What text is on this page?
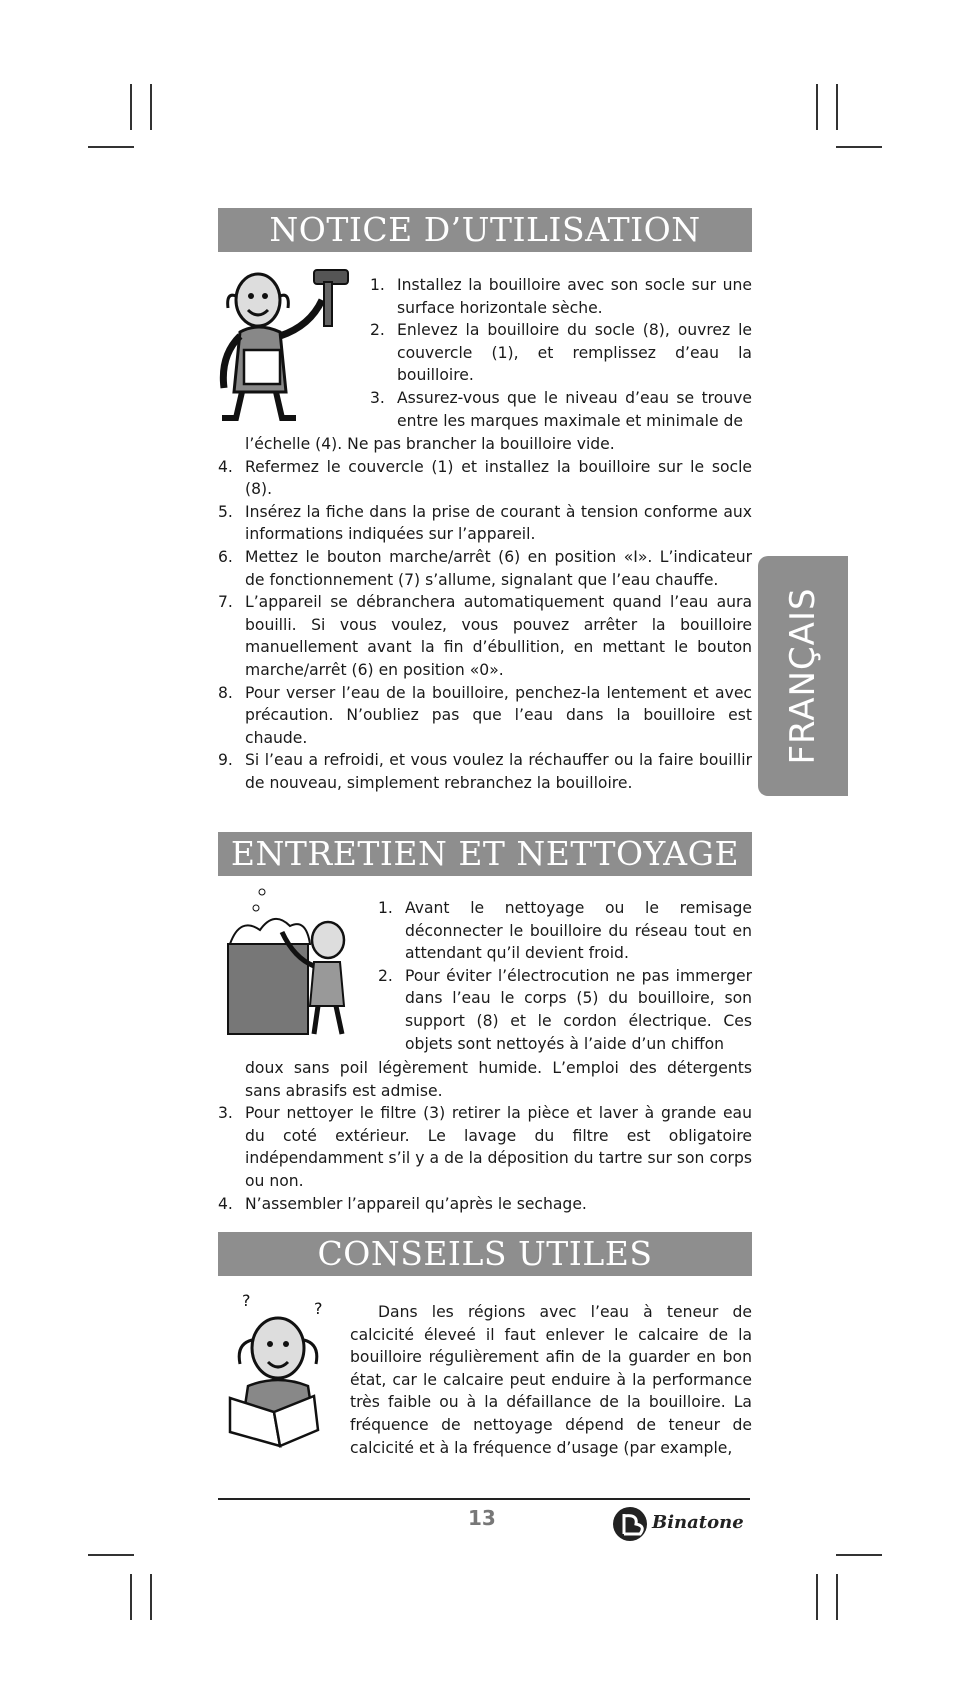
NOTICE D’UTILISATION
1. Installez la bouilloire avec son socle sur une surface horizontale sèche.
2. Enlevez la bouilloire du socle (8), ouvrez le couvercle (1), et remplissez d’eau la bouilloire.
3. Assurez-vous que le niveau d’eau se trouve entre les marques maximale et minimale de

l’échelle (4). Ne pas brancher la bouilloire vide.

4. Refermez le couvercle (1) et installez la bouilloire sur le socle (8).
5. Insérez la fiche dans la prise de courant à tension conforme aux informations indiquées sur l’appareil.
6. Mettez le bouton marche/arrêt (6) en position «I». L’indicateur de fonctionnement (7) s’allume, signalant que l’eau chauffe.
7. L’appareil se débranchera automatiquement quand l’eau aura bouilli. Si vous voulez, vous pouvez arrêter la bouilloire manuellement avant la fin d’ébullition, en mettant le bouton marche/arrêt (6) en position «0».
8. Pour verser l’eau de la bouilloire, penchez-la lentement et avec précaution. N’oubliez pas que l’eau dans la bouilloire est chaude.
9. Si l’eau a refroidi, et vous voulez la réchauffer ou la faire bouillir de nouveau, simplement rebranchez la bouilloire.
FRANÇAIS
ENTRETIEN ET NETTOYAGE
1. Avant le nettoyage ou le remisage déconnecter le bouilloire du réseau tout en attendant qu’il devient froid.
2. Pour éviter l’électrocution ne pas immerger dans l’eau le corps (5) du bouilloire, son support (8) et le cordon électrique. Ces objets sont nettoyés à l’aide d’un chiffon

doux sans poil légèrement humide. L’emploi des détergents sans abrasifs est admise.

3. Pour nettoyer le filtre (3) retirer la pièce et laver à grande eau du coté extérieur. Le lavage du filtre est obligatoire indépendamment s’il y a de la déposition du tartre sur son corps ou non.
4. N’assembler l’appareil qu’après le sechage.
CONSEILS UTILES
?	?	Dans les régions avec l’eau à teneur de calcicité éleveé il faut enlever le calcaire de la bouilloire régulièrement afin de la guarder en bon état, car le calcaire peut enduire à la performance très faible ou à la défaillance de la bouilloire. La fréquence de nettoyage dépend de teneur de calcicité et à la fréquence d’usage (par example,

13	Binatone
